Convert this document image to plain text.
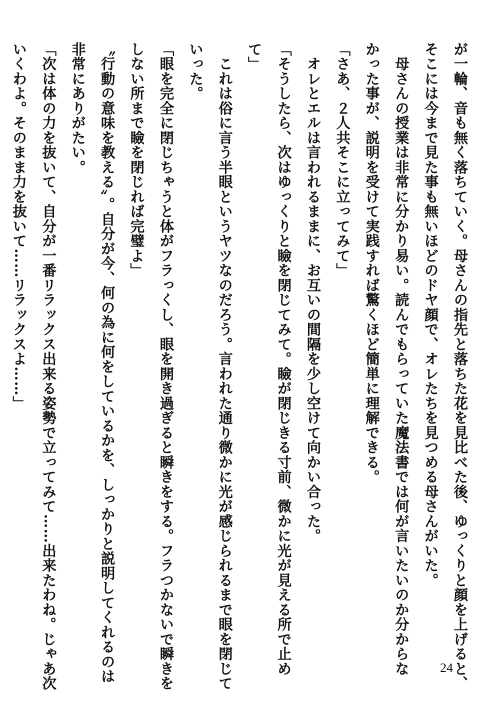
が一輪、音も無く落ちていく。母さんの指先と落ちた花を見比べた後、ゆっくりと顔を上げると、
そこには今まで見た事も無いほどのドヤ顔で、オレたちを見つめる母さんがいた。
　母さんの授業は非常に分かり易い。読んでもらっていた魔法書では何が言いたいのか分からな
かった事が、説明を受けて実践すれば驚くほど簡単に理解できる。
「さあ、２人共そこに立ってみて」
　オレとエルは言われるままに、お互いの間隔を少し空けて向かい合った。
「そうしたら、次はゆっくりと瞼を閉じてみて。瞼が閉じきる寸前、微かに光が見える所で止め
て」
　これは俗に言う半眼というヤツなのだろう。言われた通り微かに光が感じられるまで眼を閉じて
いった。
「眼を完全に閉じちゃうと体がフラっくし、眼を開き過ぎると瞬きをする。フラつかないで瞬きを
しない所まで瞼を閉じれば完璧よ」
〝行動の意味を教える〟。自分が今、何の為に何をしているかを、しっかりと説明してくれるのは
非常にありがたい。
「次は体の力を抜いて、自分が一番リラックス出来る姿勢で立ってみて……出来たわね。じゃあ次
いくわよ。そのまま力を抜いて……リラックスよ……」
24
